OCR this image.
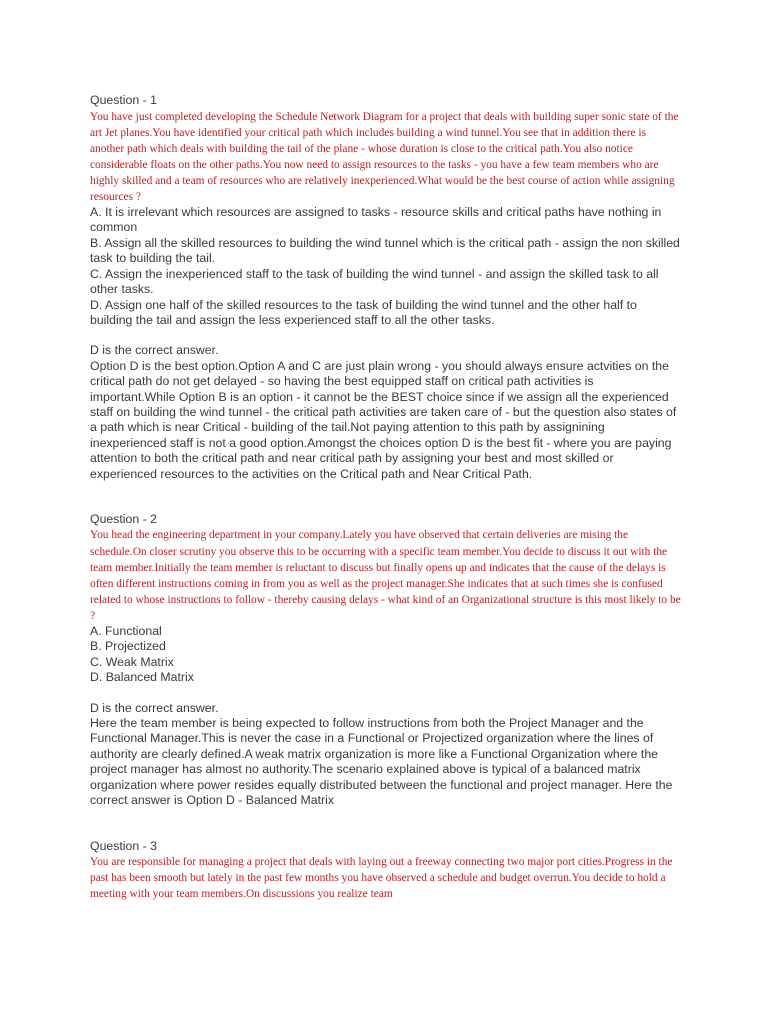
Question - 1

You have just completed developing the Schedule Network Diagram for a project that deals with building super sonic state of the art Jet planes.You have identified your critical path which includes building a wind tunnel.You see that in addition there is another path which deals with building the tail of the plane - whose duration is close to the critical path.You also notice considerable floats on the other paths.You now need to assign resources to the tasks - you have a few team members who are highly skilled and a team of resources who are relatively inexperienced.What would be the best course of action while assigning resources ?

A. It is irrelevant which resources are assigned to tasks - resource skills and critical paths have nothing in common

B. Assign all the skilled resources to building the wind tunnel which is the critical path - assign the non skilled task to building the tail.

C. Assign the inexperienced staff to the task of building the wind tunnel - and assign the skilled task to all other tasks.

D. Assign one half of the skilled resources to the task of building the wind tunnel and the other half to building the tail and assign the less experienced staff to all the other tasks.

D is the correct answer.

Option D is the best option.Option A and C are just plain wrong - you should always ensure actvities on the critical path do not get delayed - so having the best equipped staff on critical path activities is important.While Option B is an option - it cannot be the BEST choice since if we assign all the experienced staff on building the wind tunnel - the critical path activities are taken care of - but the question also states of a path which is near Critical - building of the tail.Not paying attention to this path by assignining inexperienced staff is not a good option.Amongst the choices option D is the best fit - where you are paying attention to both the critical path and near critical path by assigning your best and most skilled or experienced resources to the activities on the Critical path and Near Critical Path.

Question - 2

You head the engineering department in your company.Lately you have observed that certain deliveries are mising the schedule.On closer scrutiny you observe this to be occurring with a specific team member.You decide to discuss it out with the team member.Initially the team member is reluctant to discuss but finally opens up and indicates that the cause of the delays is often different instructions coming in from you as well as the project manager.She indicates that at such times she is confused related to whose instructions to follow - thereby causing delays - what kind of an Organizational structure is this most likely to be ?

A. Functional

B. Projectized

C. Weak Matrix

D. Balanced Matrix

D is the correct answer.

Here the team member is being expected to follow instructions from both the Project Manager and the Functional Manager.This is never the case in a Functional or Projectized organization where the lines of authority are clearly defined.A weak matrix organization is more like a Functional Organization where the project manager has almost no authority.The scenario explained above is typical of a balanced matrix organization where power resides equally distributed between the functional and project manager. Here the correct answer is Option D - Balanced Matrix

Question - 3

You are responsible for managing a project that deals with laying out a freeway connecting two major port cities.Progress in the past has been smooth but lately in the past few months you have observed a schedule and budget overrun.You decide to hold a meeting with your team members.On discussions you realize team
